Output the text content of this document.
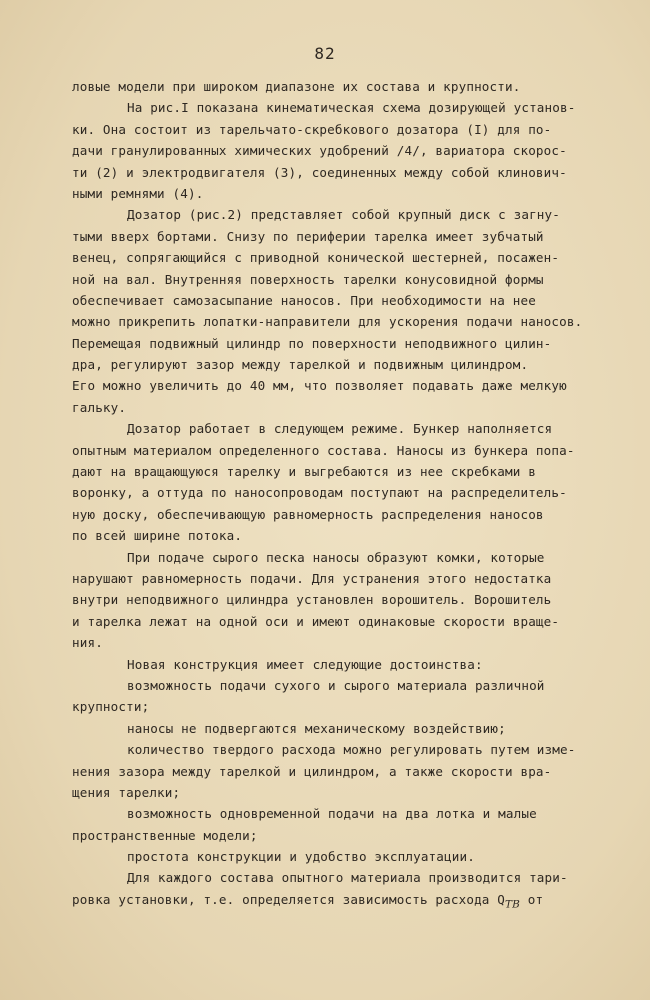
82
ловые модели при широком диапазоне их состава и крупности.
На рис.I показана кинематическая схема дозирующей установ-
ки. Она состоит из тарельчато-скребкового дозатора (I) для по-
дачи гранулированных химических удобрений /4/, вариатора скорос-
ти (2) и электродвигателя (3), соединенных между собой клинович-
ными ремнями (4).
Дозатор (рис.2) представляет собой крупный диск с загну-
тыми вверх бортами. Снизу по периферии тарелка имеет зубчатый
венец, сопрягающийся с приводной конической шестерней, посажен-
ной на вал. Внутренняя поверхность тарелки конусовидной формы
обеспечивает самозасыпание наносов. При необходимости на нее
можно прикрепить лопатки-направители для ускорения подачи наносов.
Перемещая подвижный цилиндр по поверхности неподвижного цилин-
дра, регулируют зазор между тарелкой и подвижным цилиндром.
Его можно увеличить до 40 мм, что позволяет подавать даже мелкую
гальку.
Дозатор работает в следующем режиме. Бункер наполняется
опытным материалом определенного состава. Наносы из бункера попа-
дают на вращающуюся тарелку и выгребаются из нее скребками в
воронку, а оттуда по наносопроводам поступают на распределитель-
ную доску, обеспечивающую равномерность распределения наносов
по всей ширине потока.
При подаче сырого песка наносы образуют комки, которые
нарушают равномерность подачи. Для устранения этого недостатка
внутри неподвижного цилиндра установлен ворошитель. Ворошитель
и тарелка лежат на одной оси и имеют одинаковые скорости враще-
ния.
Новая конструкция имеет следующие достоинства:
возможность подачи сухого и сырого материала различной
крупности;
наносы не подвергаются механическому воздействию;
количество твердого расхода можно регулировать путем изме-
нения зазора между тарелкой и цилиндром, а также скорости вра-
щения тарелки;
возможность одновременной подачи на два лотка и малые
пространственные модели;
простота конструкции и удобство эксплуатации.
Для каждого состава опытного материала производится тари-
ровка установки, т.е. определяется зависимость расхода $Q_{ТВ}$ от
